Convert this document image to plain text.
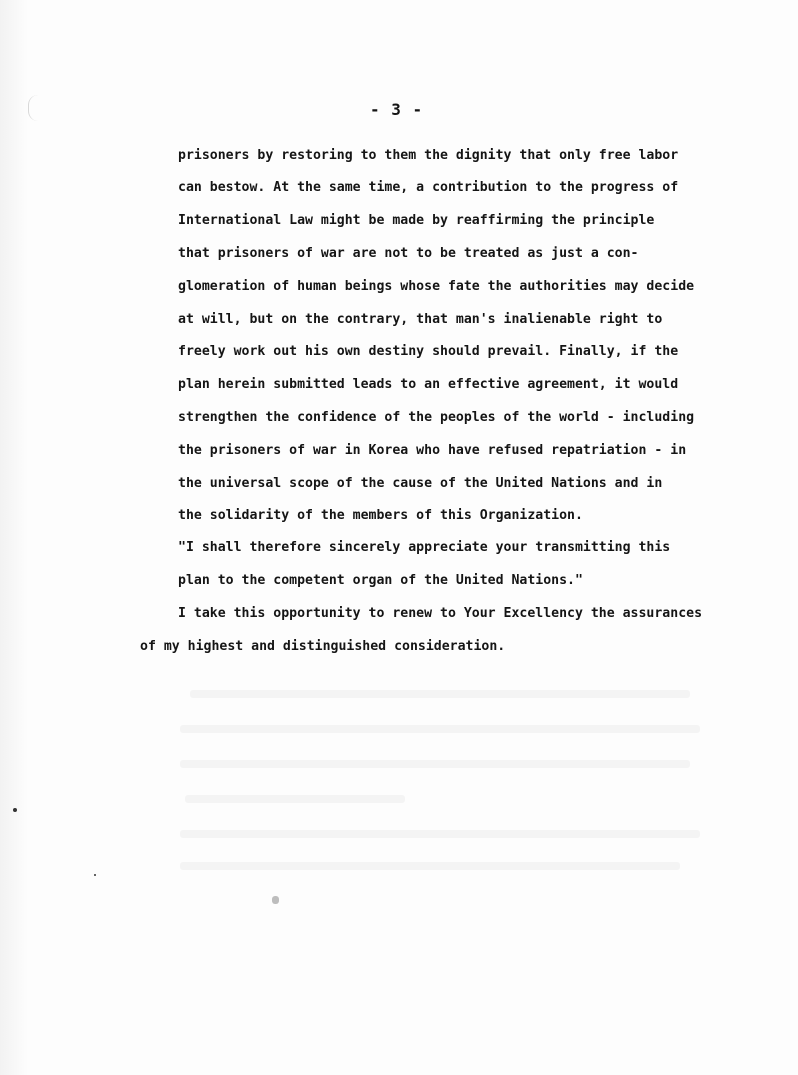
- 3 -
prisoners by restoring to them the dignity that only free labor
can bestow. At the same time, a contribution to the progress of
International Law might be made by reaffirming the principle
that prisoners of war are not to be treated as just a con-
glomeration of human beings whose fate the authorities may decide
at will, but on the contrary, that man's inalienable right to
freely work out his own destiny should prevail. Finally, if the
plan herein submitted leads to an effective agreement, it would
strengthen the confidence of the peoples of the world - including
the prisoners of war in Korea who have refused repatriation - in
the universal scope of the cause of the United Nations and in
the solidarity of the members of this Organization.
"I shall therefore sincerely appreciate your transmitting this
plan to the competent organ of the United Nations."
I take this opportunity to renew to Your Excellency the assurances
of my highest and distinguished consideration.
